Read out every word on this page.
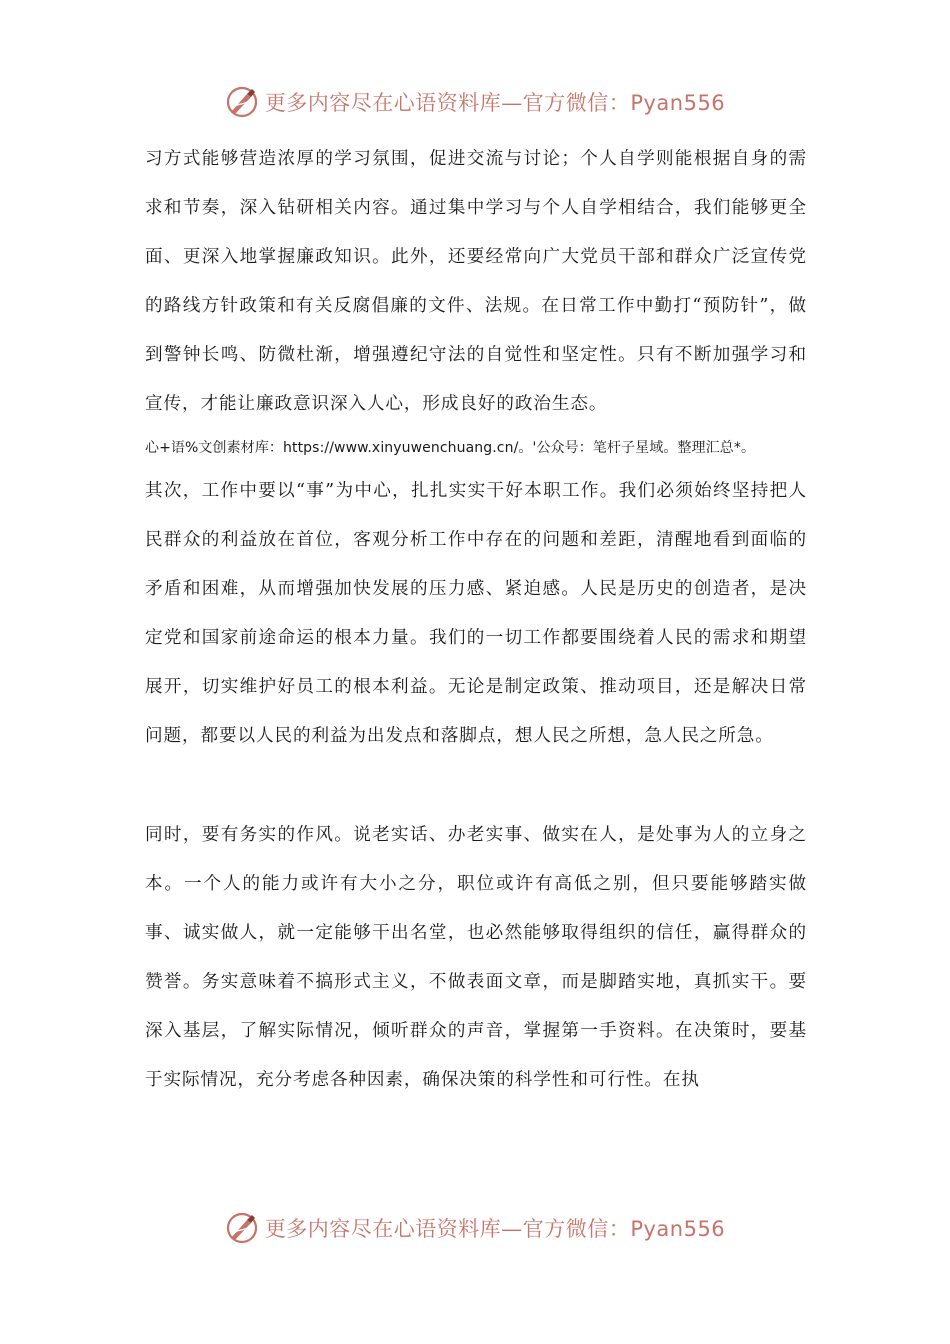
更多内容尽在心语资料库—官方微信：Pyan556

习方式能够营造浓厚的学习氛围，促进交流与讨论；个人自学则能根据自身的需求和节奏，深入钻研相关内容。通过集中学习与个人自学相结合，我们能够更全面、更深入地掌握廉政知识。此外，还要经常向广大党员干部和群众广泛宣传党的路线方针政策和有关反腐倡廉的文件、法规。在日常工作中勤打“预防针”，做到警钟长鸣、防微杜渐，增强遵纪守法的自觉性和坚定性。只有不断加强学习和宣传，才能让廉政意识深入人心，形成良好的政治生态。

心+语%文创素材库：https://www.xinyuwenchuang.cn/。'公众号：笔杆子星域。整理汇总*。

其次，工作中要以“事”为中心，扎扎实实干好本职工作。我们必须始终坚持把人民群众的利益放在首位，客观分析工作中存在的问题和差距，清醒地看到面临的矛盾和困难，从而增强加快发展的压力感、紧迫感。人民是历史的创造者，是决定党和国家前途命运的根本力量。我们的一切工作都要围绕着人民的需求和期望展开，切实维护好员工的根本利益。无论是制定政策、推动项目，还是解决日常问题，都要以人民的利益为出发点和落脚点，想人民之所想，急人民之所急。

同时，要有务实的作风。说老实话、办老实事、做实在人，是处事为人的立身之本。一个人的能力或许有大小之分，职位或许有高低之别，但只要能够踏实做事、诚实做人，就一定能够干出名堂，也必然能够取得组织的信任，赢得群众的赞誉。务实意味着不搞形式主义，不做表面文章，而是脚踏实地，真抓实干。要深入基层，了解实际情况，倾听群众的声音，掌握第一手资料。在决策时，要基于实际情况，充分考虑各种因素，确保决策的科学性和可行性。在执

更多内容尽在心语资料库—官方微信：Pyan556
